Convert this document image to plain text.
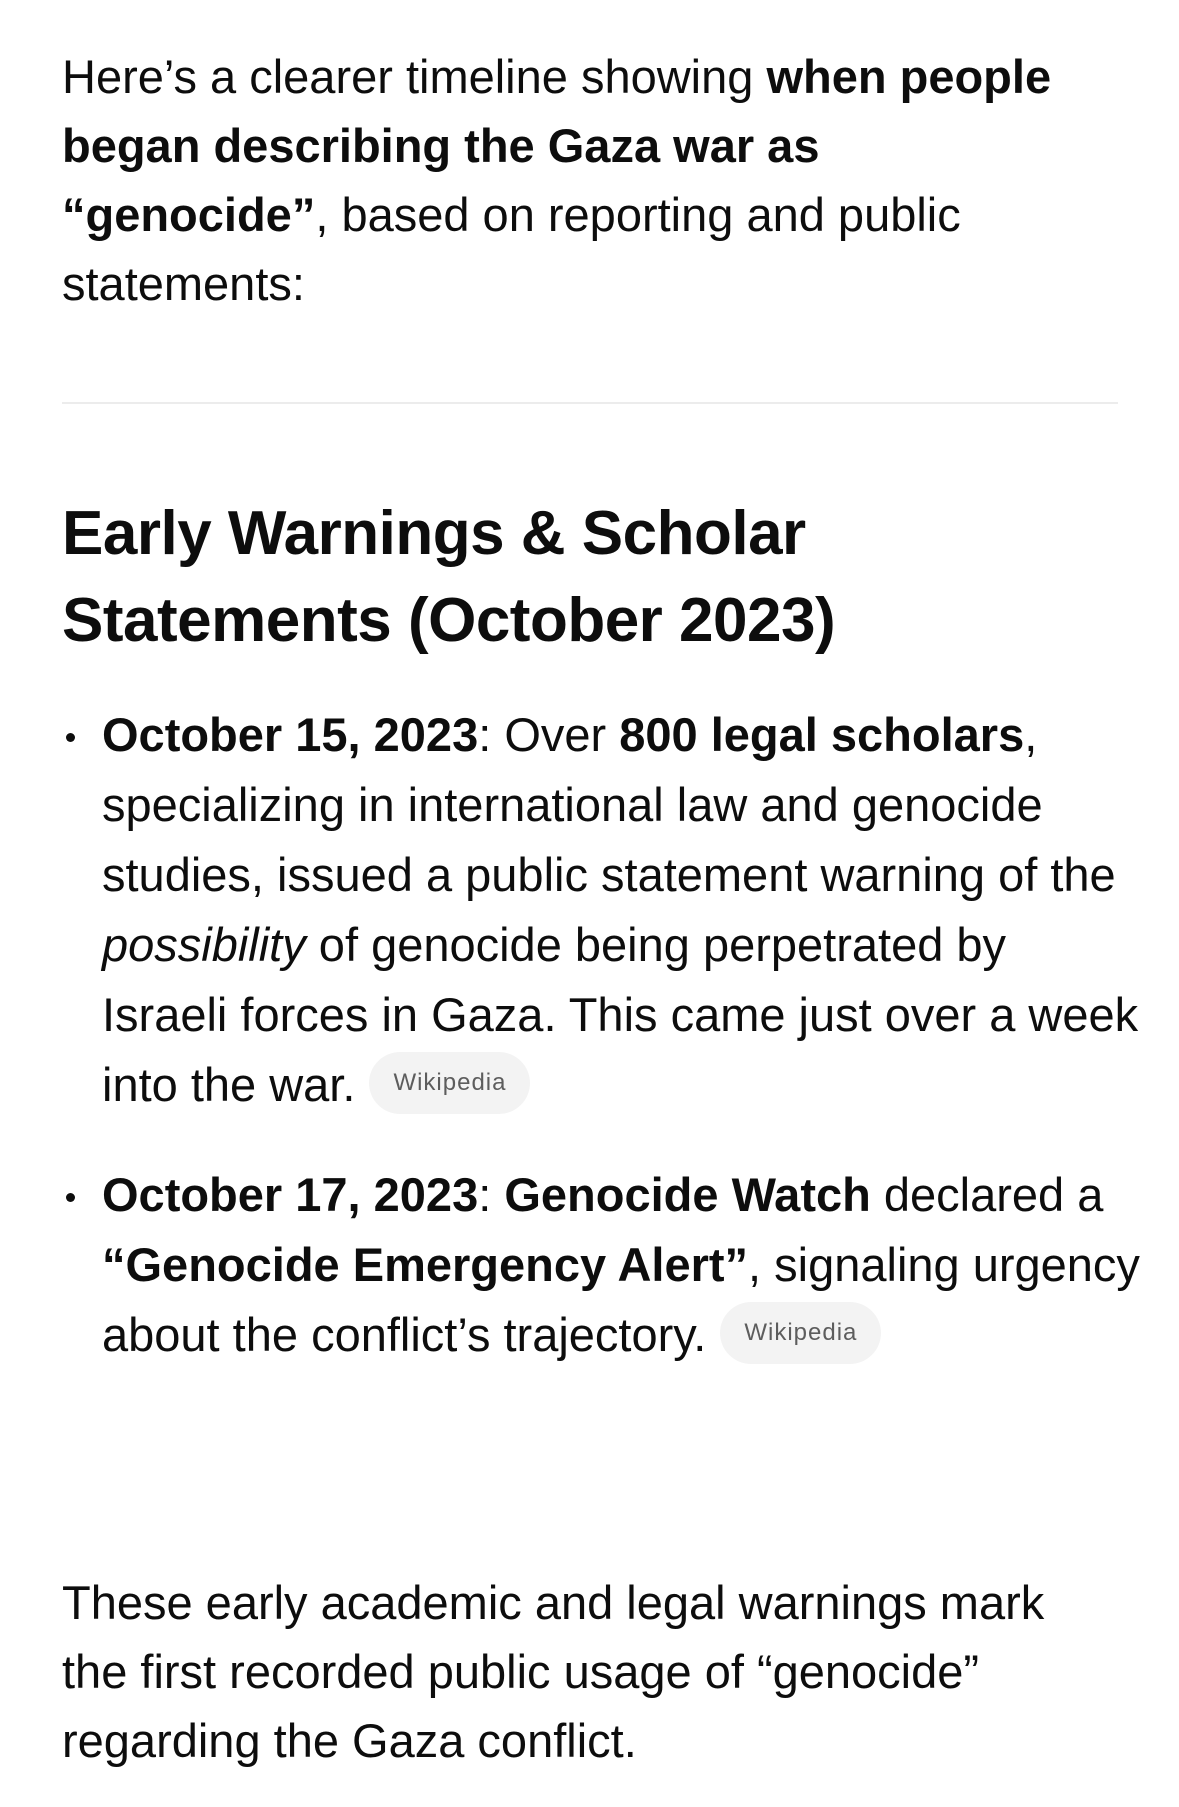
Here’s a clearer timeline showing when people began describing the Gaza war as “genocide”, based on reporting and public statements:

Early Warnings & Scholar Statements (October 2023)

October 15, 2023: Over 800 legal scholars, specializing in international law and genocide studies, issued a public statement warning of the possibility of genocide being perpetrated by Israeli forces in Gaza. This came just over a week into the war. Wikipedia

October 17, 2023: Genocide Watch declared a “Genocide Emergency Alert”, signaling urgency about the conflict’s trajectory. Wikipedia

These early academic and legal warnings mark the first recorded public usage of “genocide” regarding the Gaza conflict.
